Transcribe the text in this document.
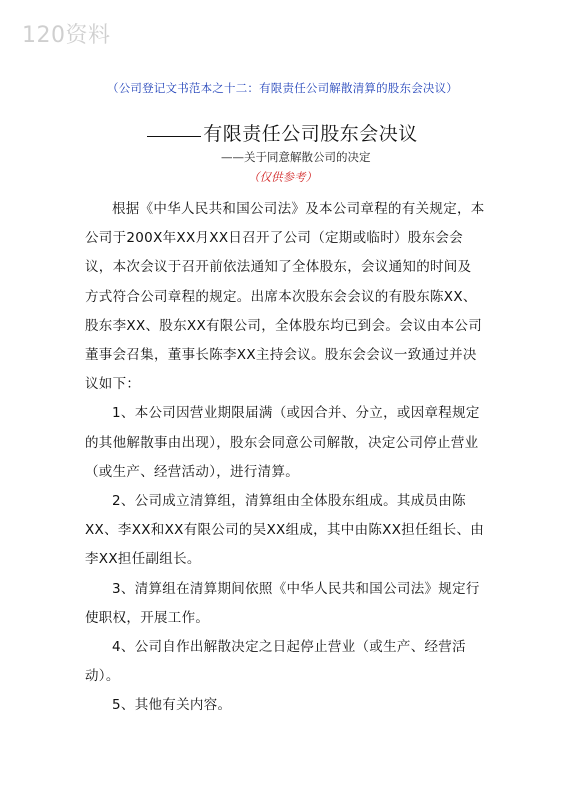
120资料
（公司登记文书范本之十二：有限责任公司解散清算的股东会决议）
有限责任公司股东会决议
——关于同意解散公司的决定
（仅供参考）

根据《中华人民共和国公司法》及本公司章程的有关规定，本公司于200X年XX月XX日召开了公司（定期或临时）股东会会议，本次会议于召开前依法通知了全体股东，会议通知的时间及方式符合公司章程的规定。出席本次股东会会议的有股东陈XX、股东李XX、股东XX有限公司，全体股东均已到会。会议由本公司董事会召集，董事长陈李XX主持会议。股东会会议一致通过并决议如下：

1、本公司因营业期限届满（或因合并、分立，或因章程规定的其他解散事由出现），股东会同意公司解散，决定公司停止营业（或生产、经营活动），进行清算。

2、公司成立清算组，清算组由全体股东组成。其成员由陈XX、李XX和XX有限公司的吴XX组成，其中由陈XX担任组长、由李XX担任副组长。

3、清算组在清算期间依照《中华人民共和国公司法》规定行使职权，开展工作。

4、公司自作出解散决定之日起停止营业（或生产、经营活动）。

5、其他有关内容。
